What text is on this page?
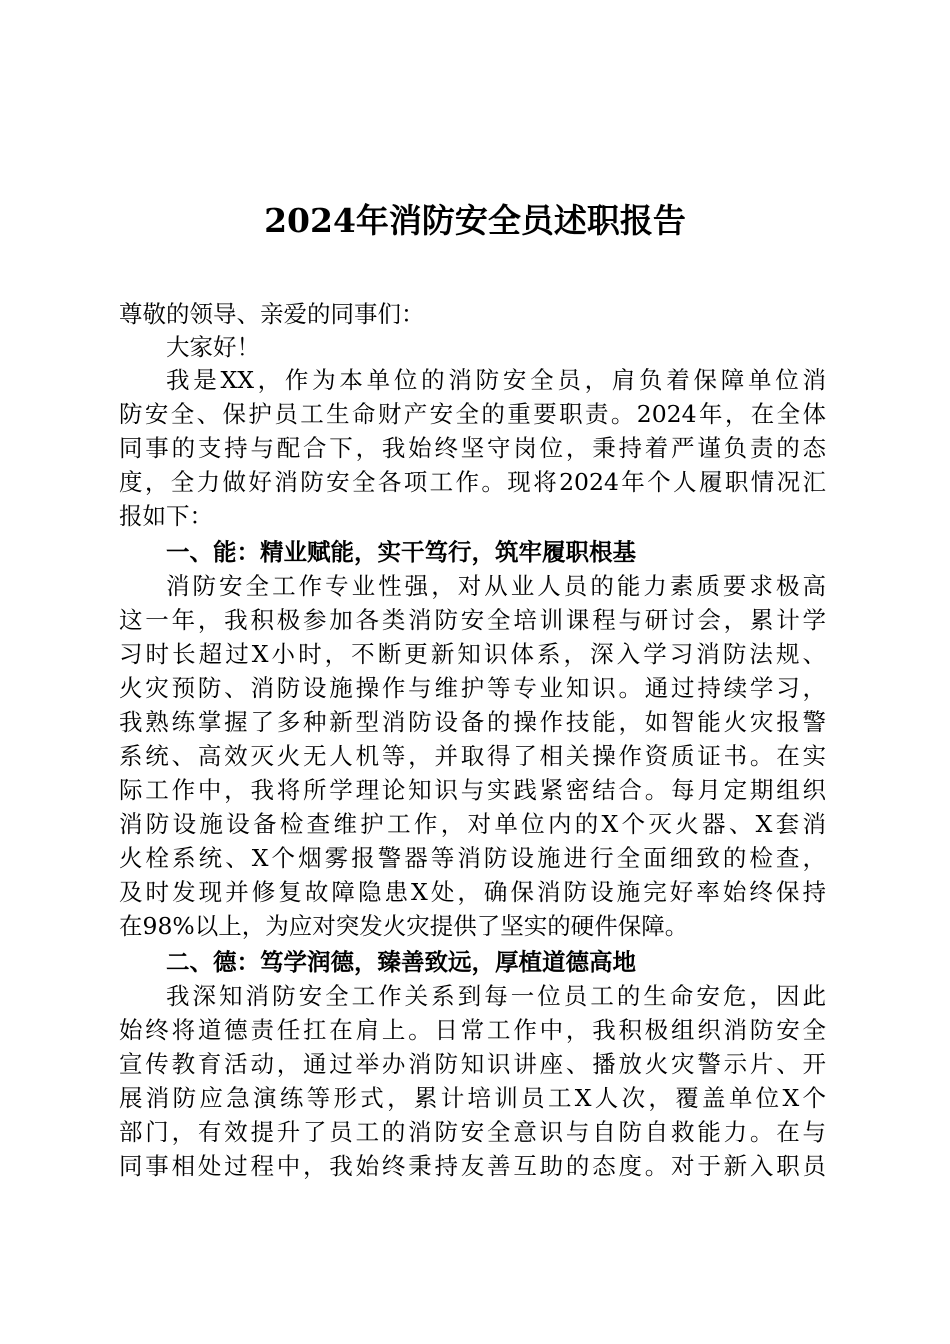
2024年消防安全员述职报告
尊敬的领导、亲爱的同事们：
大家好！
我是XX，作为本单位的消防安全员，肩负着保障单位消
防安全、保护员工生命财产安全的重要职责。2024年，在全体
同事的支持与配合下，我始终坚守岗位，秉持着严谨负责的态
度，全力做好消防安全各项工作。现将2024年个人履职情况汇
报如下：
一、能：精业赋能，实干笃行，筑牢履职根基
消防安全工作专业性强，对从业人员的能力素质要求极高
这一年，我积极参加各类消防安全培训课程与研讨会，累计学
习时长超过X小时，不断更新知识体系，深入学习消防法规、
火灾预防、消防设施操作与维护等专业知识。通过持续学习，
我熟练掌握了多种新型消防设备的操作技能，如智能火灾报警
系统、高效灭火无人机等，并取得了相关操作资质证书。在实
际工作中，我将所学理论知识与实践紧密结合。每月定期组织
消防设施设备检查维护工作，对单位内的X个灭火器、X套消
火栓系统、X个烟雾报警器等消防设施进行全面细致的检查，
及时发现并修复故障隐患X处，确保消防设施完好率始终保持
在98%以上，为应对突发火灾提供了坚实的硬件保障。
二、德：笃学润德，臻善致远，厚植道德高地
我深知消防安全工作关系到每一位员工的生命安危，因此
始终将道德责任扛在肩上。日常工作中，我积极组织消防安全
宣传教育活动，通过举办消防知识讲座、播放火灾警示片、开
展消防应急演练等形式，累计培训员工X人次，覆盖单位X个
部门，有效提升了员工的消防安全意识与自防自救能力。在与
同事相处过程中，我始终秉持友善互助的态度。对于新入职员
